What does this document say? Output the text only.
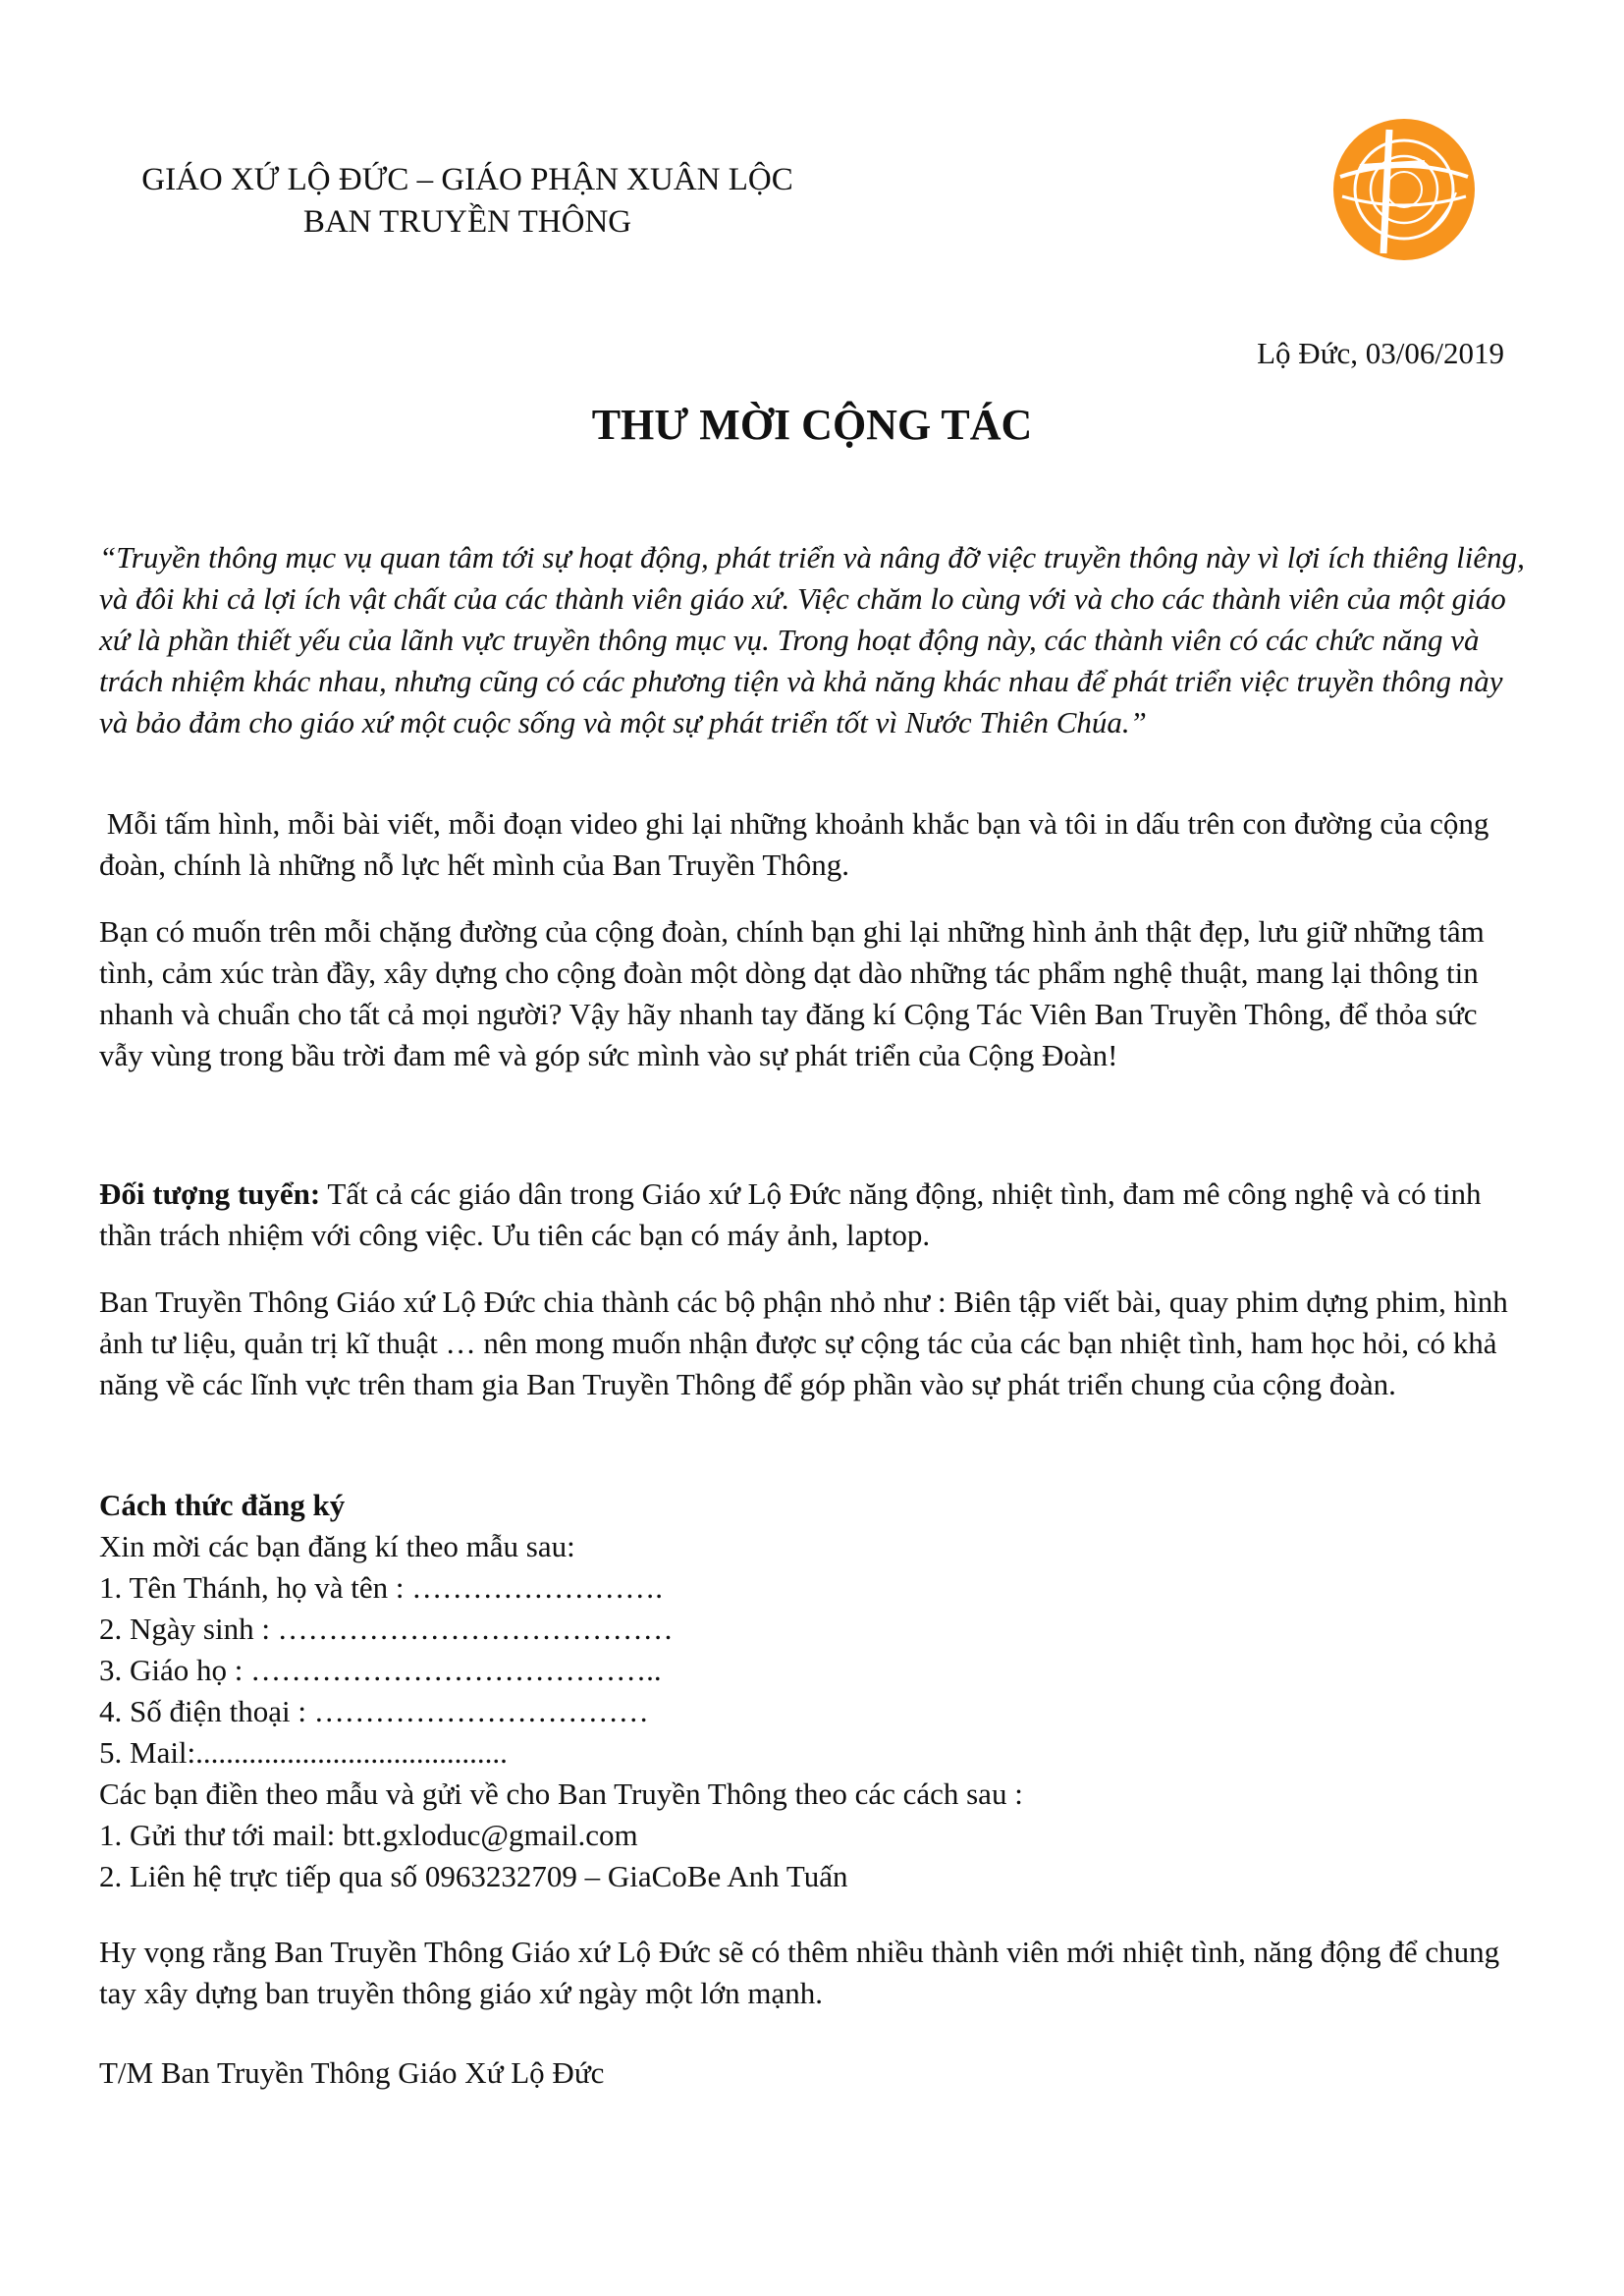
GIÁO XỨ LỘ ĐỨC – GIÁO PHẬN XUÂN LỘC
BAN TRUYỀN THÔNG
Lộ Đức, 03/06/2019
THƯ MỜI CỘNG TÁC
“Truyền thông mục vụ quan tâm tới sự hoạt động, phát triển và nâng đỡ việc truyền thông này vì lợi ích thiêng liêng, và đôi khi cả lợi ích vật chất của các thành viên giáo xứ. Việc chăm lo cùng với và cho các thành viên của một giáo xứ là phần thiết yếu của lãnh vực truyền thông mục vụ. Trong hoạt động này, các thành viên có các chức năng và trách nhiệm khác nhau, nhưng cũng có các phương tiện và khả năng khác nhau để phát triển việc truyền thông này và bảo đảm cho giáo xứ một cuộc sống và một sự phát triển tốt vì Nước Thiên Chúa.”
Mỗi tấm hình, mỗi bài viết, mỗi đoạn video ghi lại những khoảnh khắc bạn và tôi in dấu trên con đường của cộng đoàn, chính là những nỗ lực hết mình của Ban Truyền Thông.
Bạn có muốn trên mỗi chặng đường của cộng đoàn, chính bạn ghi lại những hình ảnh thật đẹp, lưu giữ những tâm tình, cảm xúc tràn đầy, xây dựng cho cộng đoàn một dòng dạt dào những tác phẩm nghệ thuật, mang lại thông tin nhanh và chuẩn cho tất cả mọi người? Vậy hãy nhanh tay đăng kí Cộng Tác Viên Ban Truyền Thông, để thỏa sức vẫy vùng trong bầu trời đam mê và góp sức mình vào sự phát triển của Cộng Đoàn!
Đối tượng tuyển: Tất cả các giáo dân trong Giáo xứ Lộ Đức năng động, nhiệt tình, đam mê công nghệ và có tinh thần trách nhiệm với công việc. Ưu tiên các bạn có máy ảnh, laptop.
Ban Truyền Thông Giáo xứ Lộ Đức chia thành các bộ phận nhỏ như : Biên tập viết bài, quay phim dựng phim, hình ảnh tư liệu, quản trị kĩ thuật … nên mong muốn nhận được sự cộng tác của các bạn nhiệt tình, ham học hỏi, có khả năng về các lĩnh vực trên tham gia Ban Truyền Thông để góp phần vào sự phát triển chung của cộng đoàn.
Cách thức đăng ký
Xin mời các bạn đăng kí theo mẫu sau:
1. Tên Thánh, họ và tên : …………………….
2. Ngày sinh : …………………………………
3. Giáo họ : …………………………………..
4. Số điện thoại : ……………………………
5. Mail:.........................................
Các bạn điền theo mẫu và gửi về cho Ban Truyền Thông theo các cách sau :
1. Gửi thư tới mail: btt.gxloduc@gmail.com
2. Liên hệ trực tiếp qua số 0963232709 – GiaCoBe Anh Tuấn
Hy vọng rằng Ban Truyền Thông Giáo xứ Lộ Đức sẽ có thêm nhiều thành viên mới nhiệt tình, năng động để chung tay xây dựng ban truyền thông giáo xứ ngày một lớn mạnh.
T/M Ban Truyền Thông Giáo Xứ Lộ Đức
